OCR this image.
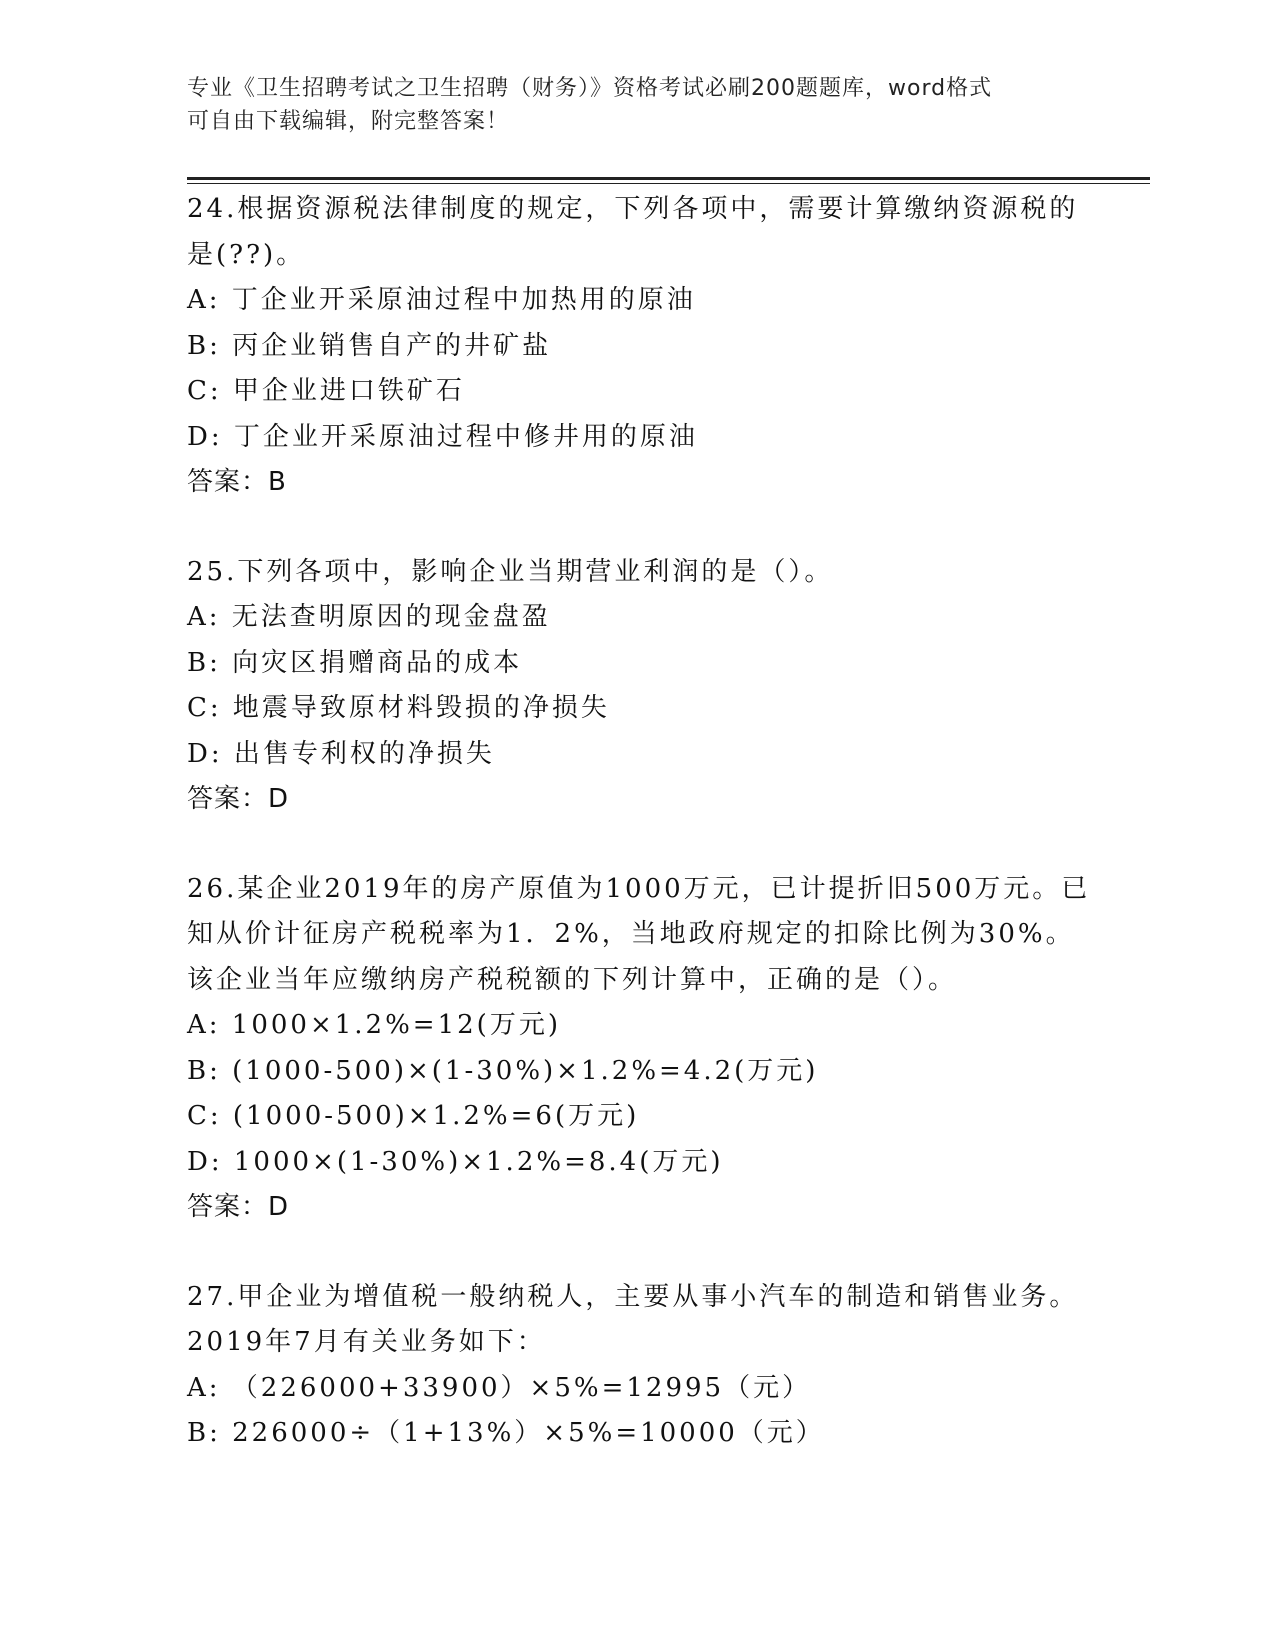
专业《卫生招聘考试之卫生招聘（财务）》资格考试必刷200题题库，word格式
可自由下载编辑，附完整答案！
24.根据资源税法律制度的规定，下列各项中，需要计算缴纳资源税的
是(??)。
A: 丁企业开采原油过程中加热用的原油
B: 丙企业销售自产的井矿盐
C: 甲企业进口铁矿石
D: 丁企业开采原油过程中修井用的原油
答案：B
25.下列各项中，影响企业当期营业利润的是（）。
A: 无法查明原因的现金盘盈
B: 向灾区捐赠商品的成本
C: 地震导致原材料毁损的净损失
D: 出售专利权的净损失
答案：D
26.某企业2019年的房产原值为1000万元，已计提折旧500万元。已
知从价计征房产税税率为1．2%，当地政府规定的扣除比例为30%。
该企业当年应缴纳房产税税额的下列计算中，正确的是（）。
A: 1000×1.2%=12(万元)
B: (1000-500)×(1-30%)×1.2%=4.2(万元)
C: (1000-500)×1.2%=6(万元)
D: 1000×(1-30%)×1.2%=8.4(万元)
答案：D
27.甲企业为增值税一般纳税人，主要从事小汽车的制造和销售业务。
2019年7月有关业务如下：
A: （226000+33900）×5%=12995（元）
B: 226000÷（1+13%）×5%=10000（元）
